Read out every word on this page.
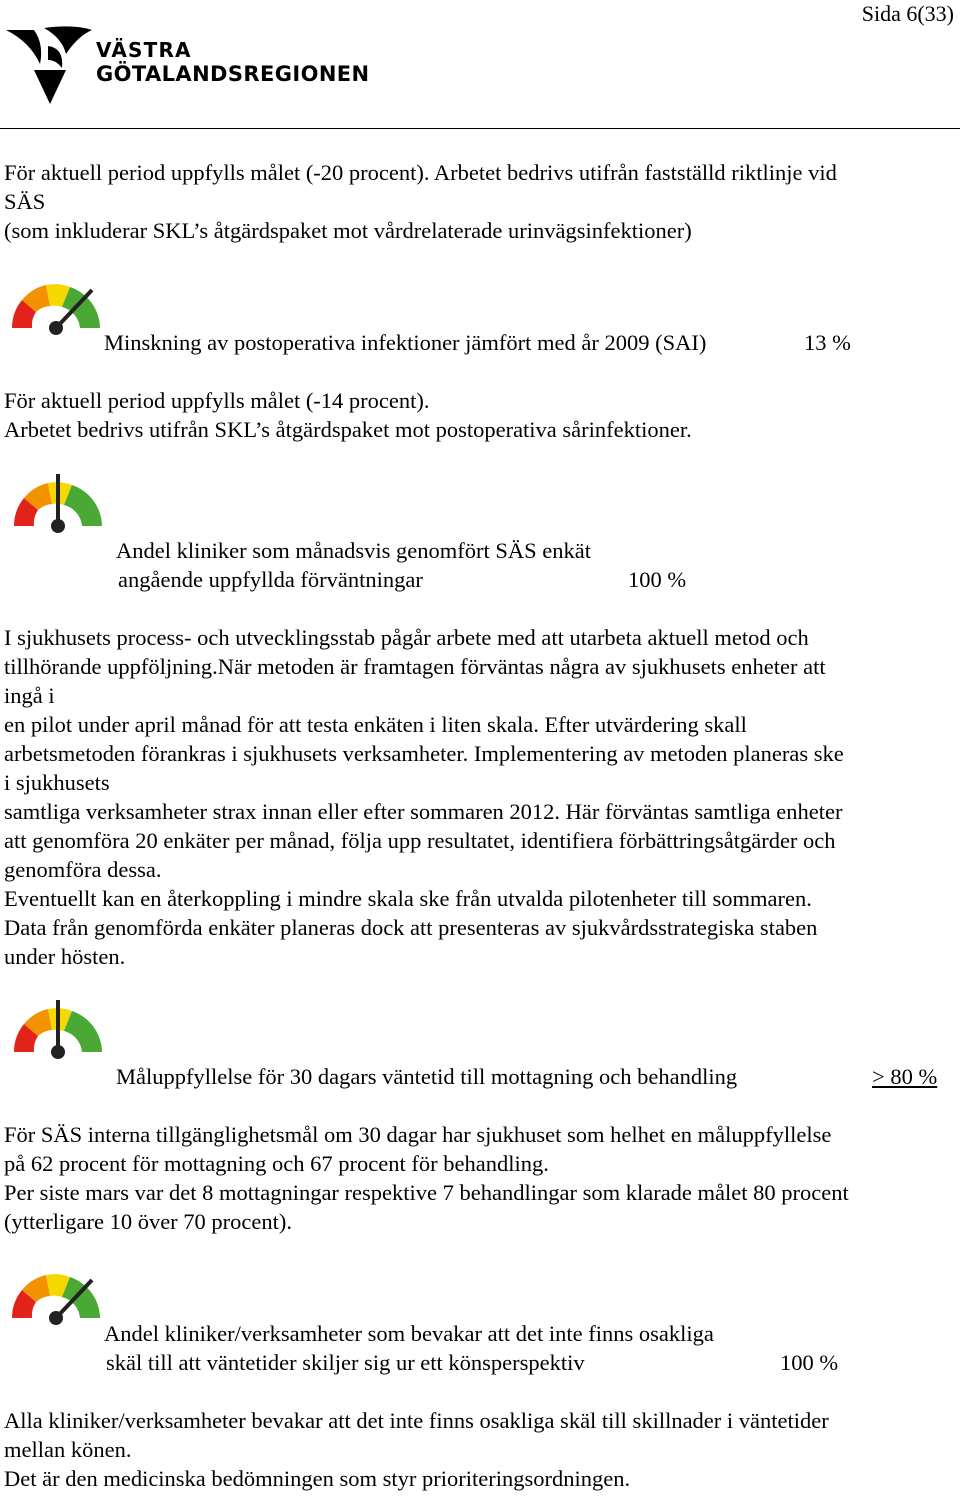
Sida 6(33)
VÄSTRA
GÖTALANDSREGIONEN
För aktuell period uppfylls målet (-20 procent). Arbetet bedrivs utifrån fastställd riktlinje vid
SÄS
(som inkluderar SKL’s åtgärdspaket mot vårdrelaterade urinvägsinfektioner)
Minskning av postoperativa infektioner jämfört med år 2009 (SAI)	13 %
För aktuell period uppfylls målet (-14 procent).
Arbetet bedrivs utifrån SKL’s åtgärdspaket mot postoperativa sårinfektioner.
Andel kliniker som månadsvis genomfört SÄS enkät
angående uppfyllda förväntningar	100 %
I sjukhusets process- och utvecklingsstab pågår arbete med att utarbeta aktuell metod och
tillhörande uppföljning.När metoden är framtagen förväntas några av sjukhusets enheter att
ingå i
en pilot under april månad för att testa enkäten i liten skala. Efter utvärdering skall
arbetsmetoden förankras i sjukhusets verksamheter. Implementering av metoden planeras ske
i sjukhusets
samtliga verksamheter strax innan eller efter sommaren 2012. Här förväntas samtliga enheter
att genomföra 20 enkäter per månad, följa upp resultatet, identifiera förbättringsåtgärder och
genomföra dessa.
Eventuellt kan en återkoppling i mindre skala ske från utvalda pilotenheter till sommaren.
Data från genomförda enkäter planeras dock att presenteras av sjukvårdsstrategiska staben
under hösten.
Måluppfyllelse för 30 dagars väntetid till mottagning och behandling	> 80 %
För SÄS interna tillgänglighetsmål om 30 dagar har sjukhuset som helhet en måluppfyllelse
på 62 procent för mottagning och 67 procent för behandling.
Per siste mars var det 8 mottagningar respektive 7 behandlingar som klarade målet 80 procent
(ytterligare 10 över 70 procent).
Andel kliniker/verksamheter som bevakar att det inte finns osakliga
skäl till att väntetider skiljer sig ur ett könsperspektiv	100 %
Alla kliniker/verksamheter bevakar att det inte finns osakliga skäl till skillnader i väntetider
mellan könen.
Det är den medicinska bedömningen som styr prioriteringsordningen.
